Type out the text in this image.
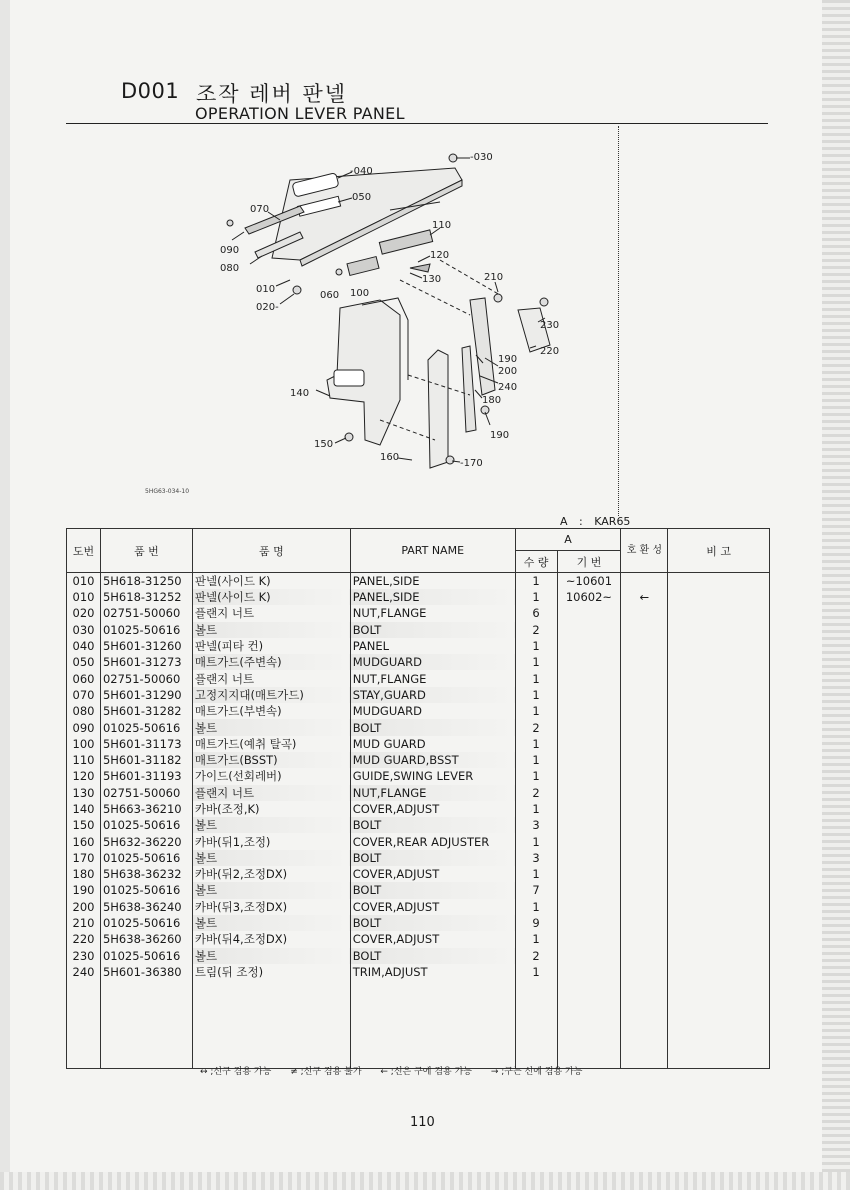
D001 조작 레버 판넬
OPERATION LEVER PANEL
-030
-040
050
070
090
080
010
020-
060 100
110
120
130	210
230
220
190
200
240
180
190
140
150
160
-170
5HG63-034-10
A : KAR65
도번	품 번	품 명	PART NAME	A		호 환 성	비 고
				수 량	기 번		
010	5H618-31250	판넬(사이드 K)	PANEL,SIDE	1	~10601		
010	5H618-31252	판넬(사이드 K)	PANEL,SIDE	1	10602~	←	
020	02751-50060	플랜지 너트	NUT,FLANGE	6			
030	01025-50616	볼트	BOLT	2			
040	5H601-31260	판넬(피타 컨)	PANEL	1			
050	5H601-31273	매트가드(주변속)	MUDGUARD	1			
060	02751-50060	플랜지 너트	NUT,FLANGE	1			
070	5H601-31290	고정지지대(매트가드)	STAY,GUARD	1			
080	5H601-31282	매트가드(부변속)	MUDGUARD	1			
090	01025-50616	볼트	BOLT	2			
100	5H601-31173	매트가드(예취 탈곡)	MUD GUARD	1			
110	5H601-31182	매트가드(BSST)	MUD GUARD,BSST	1			
120	5H601-31193	가이드(선회레버)	GUIDE,SWING LEVER	1			
130	02751-50060	플랜지 너트	NUT,FLANGE	2			
140	5H663-36210	카바(조정,K)	COVER,ADJUST	1			
150	01025-50616	볼트	BOLT	3			
160	5H632-36220	카바(뒤1,조정)	COVER,REAR ADJUSTER	1			
170	01025-50616	볼트	BOLT	3			
180	5H638-36232	카바(뒤2,조정DX)	COVER,ADJUST	1			
190	01025-50616	볼트	BOLT	7			
200	5H638-36240	카바(뒤3,조정DX)	COVER,ADJUST	1			
210	01025-50616	볼트	BOLT	9			
220	5H638-36260	카바(뒤4,조정DX)	COVER,ADJUST	1			
230	01025-50616	볼트	BOLT	2			
240	5H601-36380	트림(뒤 조정)	TRIM,ADJUST	1			

↔ ;신구 겸용 가능 ≠ ;신구 겸용 불가 ← ;신은 구에 겸용 가능 → ;구는 신에 겸용 가능
110
